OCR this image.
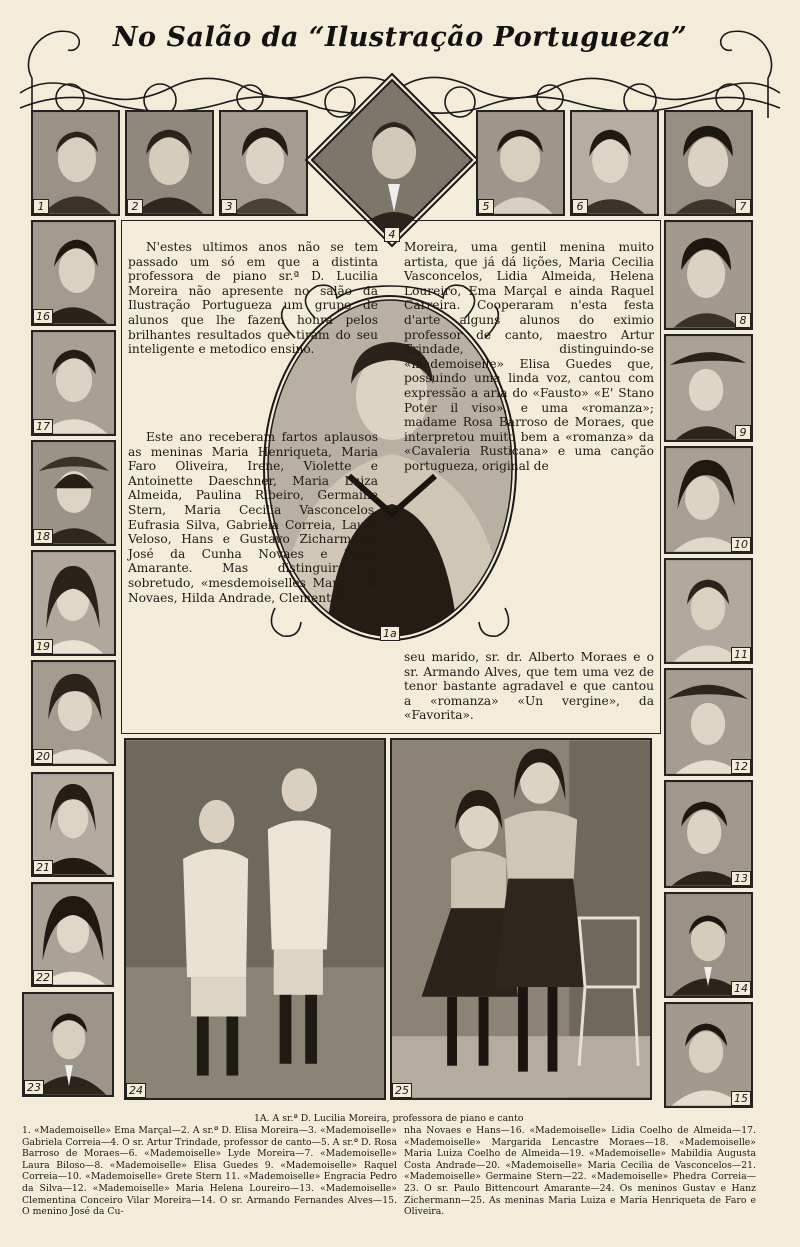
No Salão da “Ilustração Portugueza”
1	2	3
4
5	6	7
16
17
18
19
20
21
22
23
8
9
10
11
12
13
14
15
1a

N'estes ultimos anos não se tem passado um só em que a distinta professora de piano sr.ª D. Lucilia Moreira não apresente no salão da Ilustração Portugueza um grupo de alunos que lhe fazem honra pelos brilhantes resultados que tiram do seu inteligente e metodico ensino.

Este ano receberam fartos aplausos as meninas Maria Henriqueta, Maria Faro Oliveira, Irene, Violette e Antoinette Daeschner, Maria Luiza Almeida, Paulina Ribeiro, Germaine Stern, Maria Cecilia Vasconcelos. Eufrasia Silva, Gabriela Correia, Laura Veloso, Hans e Gustavo Zicharmann, José da Cunha Novaes e Paulo Amarante. Mas distinguiram-se, sobretudo, «mesdemoiselles Margarida Novaes, Hilda Andrade, Clementina

Moreira, uma gentil menina muito artista, que já dá lições, Maria Cecilia Vasconcelos, Lidia Almeida, Helena Loureiro, Ema Marçal e ainda Raquel Carreira. Cooperaram n'esta festa d'arte alguns alunos do eximio professor de canto, maestro Artur Trindade, distinguindo-se «mademoiselle» Elisa Guedes que, possuindo uma linda voz, cantou com expressão a aria do «Fausto» «E' Stano Poter il viso», e uma «romanza»; madame Rosa Barroso de Moraes, que interpretou muito bem a «romanza» da «Cavaleria Rusticana» e uma canção portugueza, original de

seu marido, sr. dr. Alberto Moraes e o sr. Armando Alves, que tem uma vez de tenor bastante agradavel e que cantou a «romanza» «Un vergine», da «Favorita».

24	25
1A. A sr.ª D. Lucilia Moreira, professora de piano e canto

1. «Mademoiselle» Ema Marçal—2. A sr.ª D. Elisa Moreira—3. «Mademoiselle» Gabriela Correia—4. O sr. Artur Trindade, professor de canto—5. A sr.ª D. Rosa Barroso de Moraes—6. «Mademoiselle» Lyde Moreira—7. «Mademoiselle» Laura Biloso—8. «Mademoiselle» Elisa Guedes 9. «Mademoiselle» Raquel Correia—10. «Mademoiselle» Grete Stern 11. «Mademoiselle» Engracia Pedro da Silva—12. «Mademoiselle» Maria Helena Loureiro—13. «Mademoiselle» Clementina Conceiro Vilar Moreira—14. O sr. Armando Fernandes Alves—15. O menino José da Cu-

nha Novaes e Hans—16. «Mademoiselle» Lidia Coelho de Almeida—17. «Mademoiselle» Margarida Lencastre Moraes—18. «Mademoiselle» Maria Luiza Coelho de Almeida—19. «Mademoiselle» Mabildia Augusta Costa Andrade—20. «Mademoiselle» Maria Cecilia de Vasconcelos—21. «Mademoiselle» Germaine Stern—22. «Mademoiselle» Phedra Correia—23. O sr. Paulo Bittencourt Amarante—24. Os meninos Gustav e Hanz Zichermann—25. As meninas Maria Luiza e Maria Henriqueta de Faro e Oliveira.
